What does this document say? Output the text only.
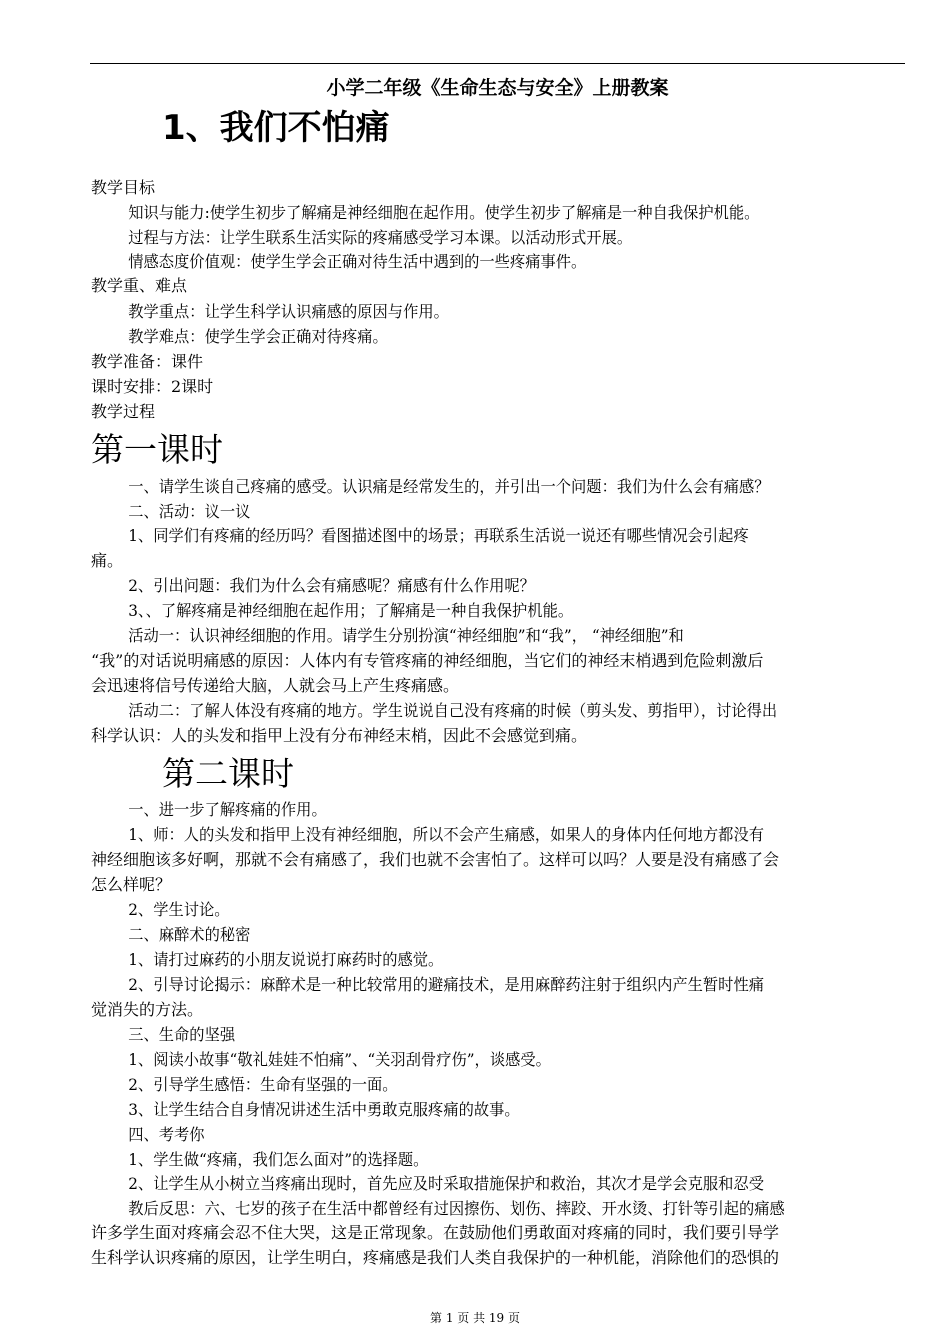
小学二年级《生命生态与安全》上册教案
1、我们不怕痛
教学目标
知识与能力:使学生初步了解痛是神经细胞在起作用。使学生初步了解痛是一种自我保护机能。
过程与方法：让学生联系生活实际的疼痛感受学习本课。以活动形式开展。
情感态度价值观：使学生学会正确对待生活中遇到的一些疼痛事件。
教学重、难点
教学重点：让学生科学认识痛感的原因与作用。
教学难点：使学生学会正确对待疼痛。
教学准备：课件
课时安排：2课时
教学过程
第一课时
一、请学生谈自己疼痛的感受。认识痛是经常发生的，并引出一个问题：我们为什么会有痛感？
二、活动：议一议
1、同学们有疼痛的经历吗？看图描述图中的场景；再联系生活说一说还有哪些情况会引起疼
痛。
2、引出问题：我们为什么会有痛感呢？痛感有什么作用呢？
3、、了解疼痛是神经细胞在起作用；了解痛是一种自我保护机能。
活动一：认识神经细胞的作用。请学生分别扮演“神经细胞”和“我”， “神经细胞”和
“我”的对话说明痛感的原因：人体内有专管疼痛的神经细胞，当它们的神经末梢遇到危险刺激后
会迅速将信号传递给大脑，人就会马上产生疼痛感。
活动二：了解人体没有疼痛的地方。学生说说自己没有疼痛的时候（剪头发、剪指甲），讨论得出
科学认识：人的头发和指甲上没有分布神经末梢，因此不会感觉到痛。
第二课时
一、进一步了解疼痛的作用。
1、师：人的头发和指甲上没有神经细胞，所以不会产生痛感，如果人的身体内任何地方都没有
神经细胞该多好啊，那就不会有痛感了，我们也就不会害怕了。这样可以吗？人要是没有痛感了会
怎么样呢？
2、学生讨论。
二、麻醉术的秘密
1、请打过麻药的小朋友说说打麻药时的感觉。
2、引导讨论揭示：麻醉术是一种比较常用的避痛技术，是用麻醉药注射于组织内产生暂时性痛
觉消失的方法。
三、生命的坚强
1、阅读小故事“敬礼娃娃不怕痛”、“关羽刮骨疗伤”，谈感受。
2、引导学生感悟：生命有坚强的一面。
3、让学生结合自身情况讲述生活中勇敢克服疼痛的故事。
四、考考你
1、学生做“疼痛，我们怎么面对”的选择题。
2、让学生从小树立当疼痛出现时，首先应及时采取措施保护和救治，其次才是学会克服和忍受
教后反思：六、七岁的孩子在生活中都曾经有过因擦伤、划伤、摔跤、开水烫、打针等引起的痛感
许多学生面对疼痛会忍不住大哭，这是正常现象。在鼓励他们勇敢面对疼痛的同时，我们要引导学
生科学认识疼痛的原因，让学生明白，疼痛感是我们人类自我保护的一种机能，消除他们的恐惧的
第 1 页 共 19 页
